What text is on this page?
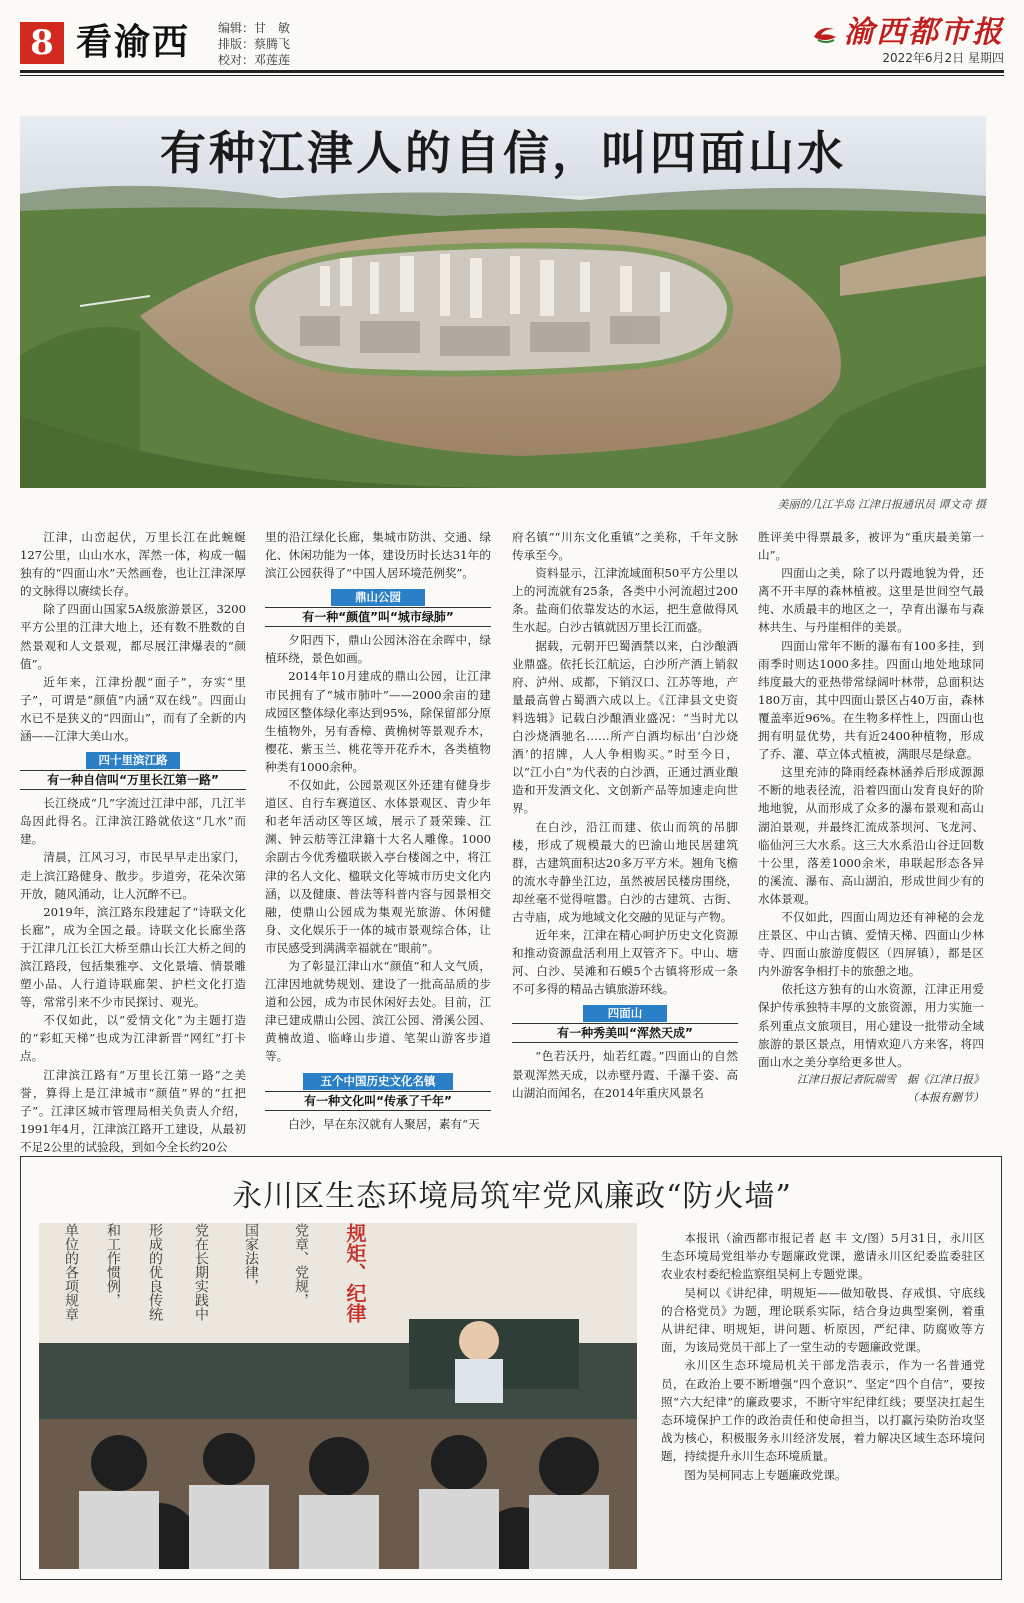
8 看渝西 编辑：甘　敏
排版：蔡腾飞
校对：邓莲莲
渝西都市报
2022年6月2日 星期四
有种江津人的自信，叫四面山水
美丽的几江半岛 江津日报通讯员 谭文奇 摄

江津，山峦起伏，万里长江在此蜿蜒127公里，山山水水，浑然一体，构成一幅独有的“四面山水”天然画卷，也让江津深厚的文脉得以赓续长存。

除了四面山国家5A级旅游景区，3200平方公里的江津大地上，还有数不胜数的自然景观和人文景观，都尽展江津爆表的“颜值”。

近年来，江津扮靓“面子”，夯实“里子”，可谓是“颜值”内涵“双在线”。四面山水已不是狭义的“四面山”，而有了全新的内涵——江津大美山水。

四十里滨江路
有一种自信叫“万里长江第一路”

长江绕成“几”字流过江津中部，几江半岛因此得名。江津滨江路就依这“几水”而建。

清晨，江风习习，市民早早走出家门，走上滨江路健身、散步。步道旁，花朵次第开放，随风涌动，让人沉醉不已。

2019年，滨江路东段建起了“诗联文化长廊”，成为全国之最。诗联文化长廊坐落于江津几江长江大桥至鼎山长江大桥之间的滨江路段，包括集雅亭、文化景墙、情景雕塑小品、人行道诗联廊架、护栏文化打造等，常常引来不少市民探讨、观光。

不仅如此，以“爱情文化”为主题打造的“彩虹天梯”也成为江津新晋“网红”打卡点。

江津滨江路有“万里长江第一路”之美誉，算得上是江津城市“颜值”界的“扛把子”。江津区城市管理局相关负责人介绍，1991年4月，江津滨江路开工建设，从最初不足2公里的试验段，到如今全长约20公

里的沿江绿化长廊，集城市防洪、交通、绿化、休闲功能为一体，建设历时长达31年的滨江公园获得了“中国人居环境范例奖”。

鼎山公园
有一种“颜值”叫“城市绿肺”

夕阳西下，鼎山公园沐浴在余晖中，绿植环绕，景色如画。

2014年10月建成的鼎山公园，让江津市民拥有了“城市肺叶”——2000余亩的建成园区整体绿化率达到95%，除保留部分原生植物外，另有香樟、黄桷树等景观乔木，樱花、紫玉兰、桃花等开花乔木，各类植物种类有1000余种。

不仅如此，公园景观区外还建有健身步道区、自行车赛道区、水体景观区、青少年和老年活动区等区域，展示了聂荣臻、江渊、钟云舫等江津籍十大名人雕像。1000余副古今优秀楹联嵌入亭台楼阁之中，将江津的名人文化、楹联文化等城市历史文化内涵，以及健康、普法等科普内容与园景相交融，使鼎山公园成为集观光旅游、休闲健身、文化娱乐于一体的城市景观综合体，让市民感受到满满幸福就在“眼前”。

为了彰显江津山水“颜值”和人文气质，江津因地就势规划、建设了一批高品质的步道和公园，成为市民休闲好去处。目前，江津已建成鼎山公园、滨江公园、滑溪公园、黄楠故道、临峰山步道、笔架山游客步道等。

五个中国历史文化名镇
有一种文化叫“传承了千年”

白沙，早在东汉就有人聚居，素有“天

府名镇”“川东文化重镇”之美称，千年文脉传承至今。

资料显示，江津流域面积50平方公里以上的河流就有25条，各类中小河流超过200条。盐商们依靠发达的水运，把生意做得风生水起。白沙古镇就因万里长江而盛。

据载，元朝开巴蜀酒禁以来，白沙酿酒业鼎盛。依托长江航运，白沙所产酒上销叙府、泸州、成都，下销汉口、江苏等地，产量最高曾占蜀酒六成以上。《江津县文史资料选辑》记载白沙酿酒业盛况：“当时尤以白沙烧酒驰名……所产白酒均标出‘白沙烧酒’的招牌，人人争相购买。”时至今日，以“江小白”为代表的白沙酒，正通过酒业酿造和开发酒文化、文创新产品等加速走向世界。

在白沙，沿江而建、依山而筑的吊脚楼，形成了规模最大的巴渝山地民居建筑群，古建筑面积达20多万平方米。翘角飞檐的流水寺静坐江边，虽然被居民楼房围绕，却丝毫不觉得喧嚣。白沙的古建筑、古街、古寺庙，成为地域文化交融的见证与产物。

近年来，江津在精心呵护历史文化资源和推动资源盘活利用上双管齐下。中山、塘河、白沙、吴滩和石蟆5个古镇将形成一条不可多得的精品古镇旅游环线。

四面山
有一种秀美叫“浑然天成”

“色若沃丹，灿若红霞。”四面山的自然景观浑然天成，以赤壁丹霞、千瀑千姿、高山湖泊而闻名，在2014年重庆风景名

胜评美中得票最多，被评为“重庆最美第一山”。

四面山之美，除了以丹霞地貌为骨，还离不开丰厚的森林植被。这里是世间空气最纯、水质最丰的地区之一，孕育出瀑布与森林共生、与丹崖相伴的美景。

四面山常年不断的瀑布有100多挂，到雨季时则达1000多挂。四面山地处地球同纬度最大的亚热带常绿阔叶林带，总面积达180万亩，其中四面山景区占40万亩，森林覆盖率近96%。在生物多样性上，四面山也拥有明显优势，共有近2400种植物，形成了乔、灌、草立体式植被，满眼尽是绿意。

这里充沛的降雨经森林涵养后形成源源不断的地表径流，沿着四面山发育良好的阶地地貌，从而形成了众多的瀑布景观和高山湖泊景观，并最终汇流成茶坝河、飞龙河、临仙河三大水系。这三大水系沿山谷迂回数十公里，落差1000余米，串联起形态各异的溪流、瀑布、高山湖泊，形成世间少有的水体景观。

不仅如此，四面山周边还有神秘的会龙庄景区、中山古镇、爱情天梯、四面山少林寺、四面山旅游度假区（四屏镇），都是区内外游客争相打卡的旅憩之地。

依托这方独有的山水资源，江津正用爱保护传承独特丰厚的文旅资源，用力实施一系列重点文旅项目，用心建设一批带动全域旅游的景区景点，用情欢迎八方来客，将四面山水之美分享给更多世人。

江津日报记者阮瑞雪　据《江津日报》
（本报有删节）
永川区生态环境局筑牢党风廉政“防火墙”
单位的各项规章 和工作惯例， 形成的优良传统 党在长期实践中 国家法律， 党章、党规， 规矩、纪律	本报讯（渝西都市报记者 赵 丰 文/图）5月31日，永川区生态环境局党组举办专题廉政党课，邀请永川区纪委监委驻区农业农村委纪检监察组吴柯上专题党课。

吴柯以《讲纪律，明规矩——做知敬畏、存戒惧、守底线的合格党员》为题，理论联系实际，结合身边典型案例，着重从讲纪律、明规矩，讲问题、析原因，严纪律、防腐败等方面，为该局党员干部上了一堂生动的专题廉政党课。

永川区生态环境局机关干部龙浩表示，作为一名普通党员，在政治上要不断增强“四个意识”、坚定“四个自信”，要按照“六大纪律”的廉政要求，不断守牢纪律红线；要坚决扛起生态环境保护工作的政治责任和使命担当，以打赢污染防治攻坚战为核心，积极服务永川经济发展，着力解决区域生态环境问题，持续提升永川生态环境质量。

图为吴柯同志上专题廉政党课。
